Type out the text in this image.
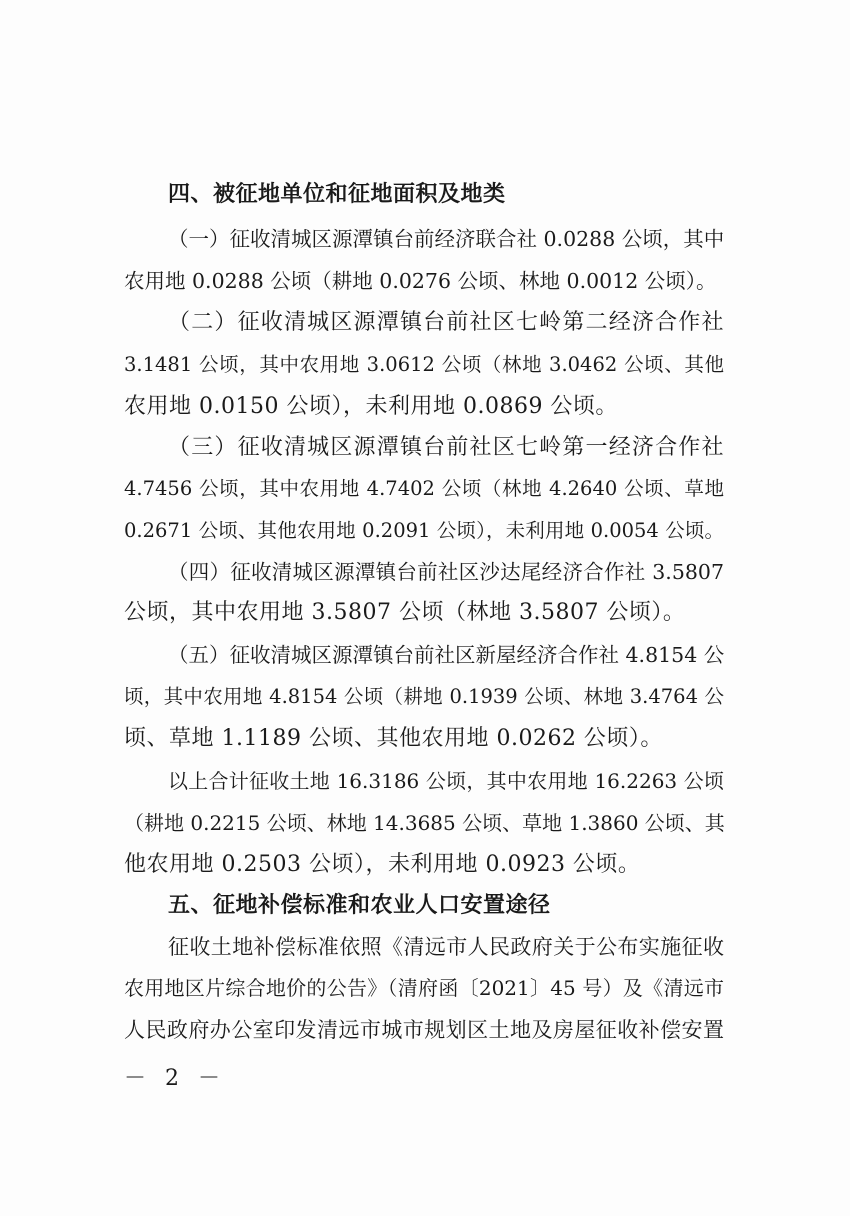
四、被征地单位和征地面积及地类
（一）征收清城区源潭镇台前经济联合社 0.0288 公顷，其中
农用地 0.0288 公顷（耕地 0.0276 公顷、林地 0.0012 公顷）。
（二）征收清城区源潭镇台前社区七岭第二经济合作社
3.1481 公顷，其中农用地 3.0612 公顷（林地 3.0462 公顷、其他
农用地 0.0150 公顷），未利用地 0.0869 公顷。
（三）征收清城区源潭镇台前社区七岭第一经济合作社
4.7456 公顷，其中农用地 4.7402 公顷（林地 4.2640 公顷、草地
0.2671 公顷、其他农用地 0.2091 公顷），未利用地 0.0054 公顷。
（四）征收清城区源潭镇台前社区沙达尾经济合作社 3.5807
公顷，其中农用地 3.5807 公顷（林地 3.5807 公顷）。
（五）征收清城区源潭镇台前社区新屋经济合作社 4.8154 公
顷，其中农用地 4.8154 公顷（耕地 0.1939 公顷、林地 3.4764 公
顷、草地 1.1189 公顷、其他农用地 0.0262 公顷）。
以上合计征收土地 16.3186 公顷，其中农用地 16.2263 公顷
（耕地 0.2215 公顷、林地 14.3685 公顷、草地 1.3860 公顷、其
他农用地 0.2503 公顷），未利用地 0.0923 公顷。
五、征地补偿标准和农业人口安置途径
征收土地补偿标准依照《清远市人民政府关于公布实施征收
农用地区片综合地价的公告》（清府函〔2021〕45 号）及《清远市
人民政府办公室印发清远市城市规划区土地及房屋征收补偿安置
－ 2 －
